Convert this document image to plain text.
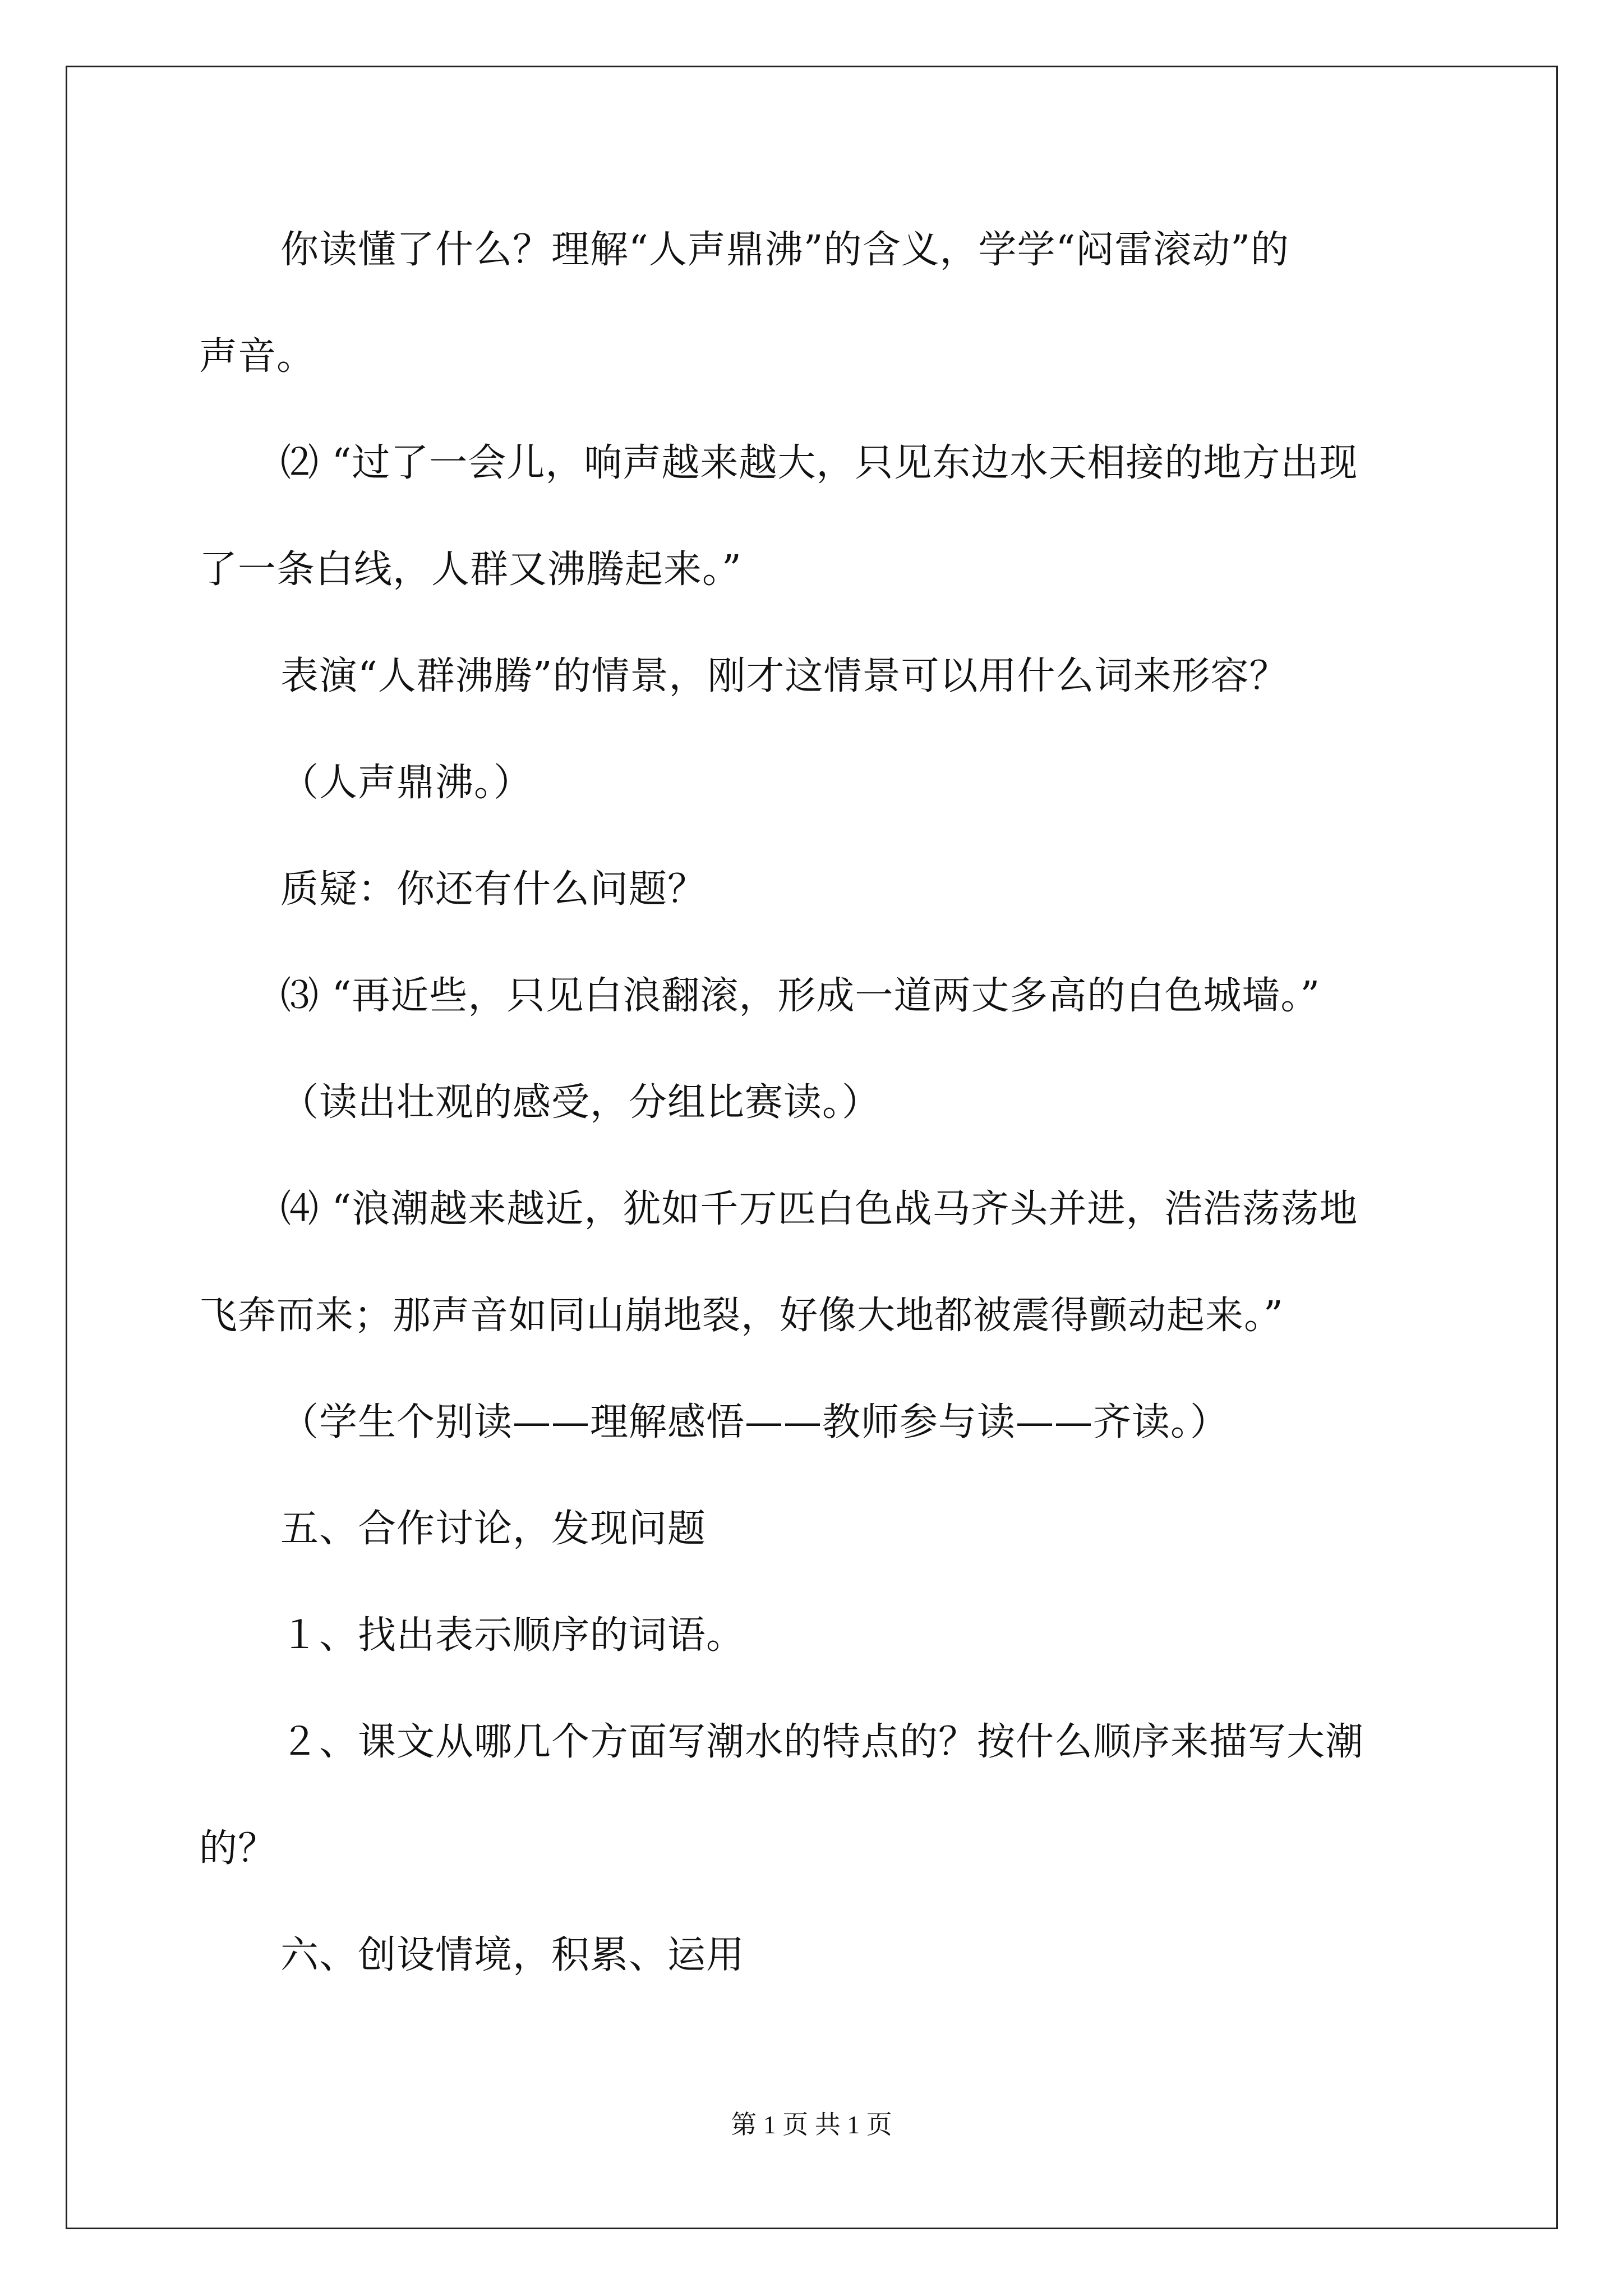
你读懂了什么？理解“人声鼎沸”的含义，学学“闷雷滚动”的
声音。
⑵ “过了一会儿，响声越来越大，只见东边水天相接的地方出现
了一条白线，人群又沸腾起来。”
表演“人群沸腾”的情景，刚才这情景可以用什么词来形容？
（人声鼎沸。）
质疑：你还有什么问题？
⑶ “再近些，只见白浪翻滚，形成一道两丈多高的白色城墙。”
（读出壮观的感受，分组比赛读。）
⑷ “浪潮越来越近，犹如千万匹白色战马齐头并进，浩浩荡荡地
飞奔而来；那声音如同山崩地裂，好像大地都被震得颤动起来。”
（学生个别读——理解感悟——教师参与读——齐读。）
五、合作讨论，发现问题
１、找出表示顺序的词语。
２、课文从哪几个方面写潮水的特点的？按什么顺序来描写大潮
的？
六、创设情境，积累、运用
第 1 页 共 1 页
